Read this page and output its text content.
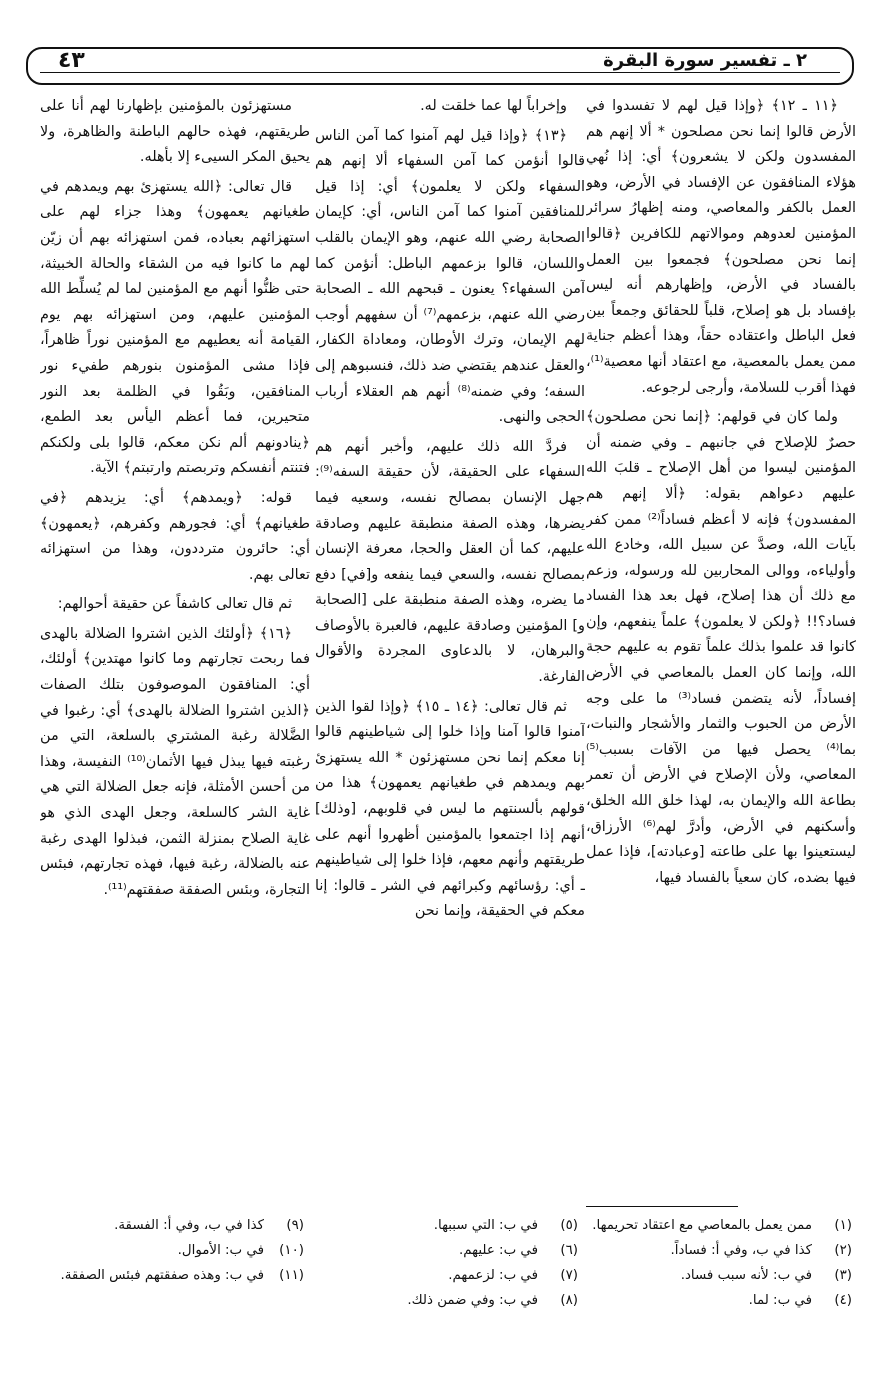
٢ ـ تفسير سورة البقرة
٤٣

﴿١١ ـ ١٢﴾ ﴿وإذا قيل لهم لا تفسدوا في الأرض قالوا إنما نحن مصلحون * ألا إنهم هم المفسدون ولكن لا يشعرون﴾ أي: إذا نُهي هؤلاء المنافقون عن الإفساد في الأرض، وهو العمل بالكفر والمعاصي، ومنه إظهارُ سرائر المؤمنين لعدوهم وموالاتهم للكافرين ﴿قالوا إنما نحن مصلحون﴾ فجمعوا بين العمل بالفساد في الأرض، وإظهارهم أنه ليس بإفساد بل هو إصلاح، قلباً للحقائق وجمعاً بين فعل الباطل واعتقاده حقاً، وهذا أعظم جناية ممن يعمل بالمعصية، مع اعتقاد أنها معصية⁽¹⁾، فهذا أقرب للسلامة، وأرجى لرجوعه.

ولما كان في قولهم: ﴿إنما نحن مصلحون﴾ حصرٌ للإصلاح في جانبهم ـ وفي ضمنه أن المؤمنين ليسوا من أهل الإصلاح ـ قلبَ الله عليهم دعواهم بقوله: ﴿ألا إنهم هم المفسدون﴾ فإنه لا أعظم فساداً⁽²⁾ ممن كفر بآيات الله، وصدَّ عن سبيل الله، وخادع الله وأولياءه، ووالى المحاربين لله ورسوله، وزعم مع ذلك أن هذا إصلاح، فهل بعد هذا الفساد فساد؟!! ﴿ولكن لا يعلمون﴾ علماً ينفعهم، وإن كانوا قد علموا بذلك علماً تقوم به عليهم حجة الله، وإنما كان العمل بالمعاصي في الأرض إفساداً، لأنه يتضمن فساد⁽³⁾ ما على وجه الأرض من الحبوب والثمار والأشجار والنبات، بما⁽⁴⁾ يحصل فيها من الآفات بسبب⁽⁵⁾ المعاصي، ولأن الإصلاح في الأرض أن تعمر بطاعة الله والإيمان به، لهذا خلق الله الخلق، وأسكنهم في الأرض، وأدرَّ لهم⁽⁶⁾ الأرزاق، ليستعينوا بها على طاعته [وعبادته]، فإذا عمل فيها بضده، كان سعياً بالفساد فيها،

وإخراباً لها عما خلقت له.

﴿١٣﴾ ﴿وإذا قيل لهم آمنوا كما آمن الناس قالوا أنؤمن كما آمن السفهاء ألا إنهم هم السفهاء ولكن لا يعلمون﴾ أي: إذا قيل للمنافقين آمنوا كما آمن الناس، أي: كإيمان الصحابة رضي الله عنهم، وهو الإيمان بالقلب واللسان، قالوا بزعمهم الباطل: أنؤمن كما آمن السفهاء؟ يعنون ـ قبحهم الله ـ الصحابة رضي الله عنهم، بزعمهم⁽⁷⁾ أن سفههم أوجب لهم الإيمان، وترك الأوطان، ومعاداة الكفار، والعقل عندهم يقتضي ضد ذلك، فنسبوهم إلى السفه؛ وفي ضمنه⁽⁸⁾ أنهم هم العقلاء أرباب الحجى والنهى.

فردَّ الله ذلك عليهم، وأخبر أنهم هم السفهاء على الحقيقة، لأن حقيقة السفه⁽⁹⁾: جهل الإنسان بمصالح نفسه، وسعيه فيما يضرها، وهذه الصفة منطبقة عليهم وصادقة عليهم، كما أن العقل والحجا، معرفة الإنسان بمصالح نفسه، والسعي فيما ينفعه و[في] دفع ما يضره، وهذه الصفة منطبقة على [الصحابة و] المؤمنين وصادقة عليهم، فالعبرة بالأوصاف والبرهان، لا بالدعاوى المجردة والأقوال الفارغة.

ثم قال تعالى: ﴿١٤ ـ ١٥﴾ ﴿وإذا لقوا الذين آمنوا قالوا آمنا وإذا خلوا إلى شياطينهم قالوا إنا معكم إنما نحن مستهزئون * الله يستهزئ بهم ويمدهم في طغيانهم يعمهون﴾ هذا من قولهم بألسنتهم ما ليس في قلوبهم، [وذلك] أنهم إذا اجتمعوا بالمؤمنين أظهروا أنهم على طريقتهم وأنهم معهم، فإذا خلوا إلى شياطينهم ـ أي: رؤسائهم وكبرائهم في الشر ـ قالوا: إنا معكم في الحقيقة، وإنما نحن

مستهزئون بالمؤمنين بإظهارنا لهم أنا على طريقتهم، فهذه حالهم الباطنة والظاهرة، ولا يحيق المكر السيىء إلا بأهله.

قال تعالى: ﴿الله يستهزئ بهم ويمدهم في طغيانهم يعمهون﴾ وهذا جزاء لهم على استهزائهم بعباده، فمن استهزائه بهم أن زيّن لهم ما كانوا فيه من الشقاء والحالة الخبيثة، حتى ظنُّوا أنهم مع المؤمنين لما لم يُسلِّط الله المؤمنين عليهم، ومن استهزائه بهم يوم القيامة أنه يعطيهم مع المؤمنين نوراً ظاهراً، فإذا مشى المؤمنون بنورهم طفيء نور المنافقين، وبَقُوا في الظلمة بعد النور متحيرين، فما أعظم اليأس بعد الطمع، ﴿ينادونهم ألم نكن معكم، قالوا بلى ولكنكم فتنتم أنفسكم وتربصتم وارتبتم﴾ الآية.

قوله: ﴿ويمدهم﴾ أي: يزيدهم ﴿في طغيانهم﴾ أي: فجورهم وكفرهم، ﴿يعمهون﴾ أي: حائرون مترددون، وهذا من استهزائه تعالى بهم.

ثم قال تعالى كاشفاً عن حقيقة أحوالهم:

﴿١٦﴾ ﴿أولئك الذين اشتروا الضلالة بالهدى فما ربحت تجارتهم وما كانوا مهتدين﴾ أولئك، أي: المنافقون الموصوفون بتلك الصفات ﴿الذين اشتروا الضلالة بالهدى﴾ أي: رغبوا في الضَّلالة رغبة المشتري بالسلعة، التي من رغبته فيها يبذل فيها الأثمان⁽¹⁰⁾ النفيسة، وهذا من أحسن الأمثلة، فإنه جعل الضلالة التي هي غاية الشر كالسلعة، وجعل الهدى الذي هو غاية الصلاح بمنزلة الثمن، فبذلوا الهدى رغبة عنه بالضلالة، رغبة فيها، فهذه تجارتهم، فبئس التجارة، وبئس الصفقة صفقتهم⁽¹¹⁾.

(١)
ممن يعمل بالمعاصي مع اعتقاد تحريمها.
(٢)
كذا في ب، وفي أ: فساداً.
(٣)
في ب: لأنه سبب فساد.
(٤)
في ب: لما.
(٥)
في ب: التي سببها.
(٦)
في ب: عليهم.
(٧)
في ب: لزعمهم.
(٨)
في ب: وفي ضمن ذلك.
(٩)
كذا في ب، وفي أ: الفسقة.
(١٠)
في ب: الأموال.
(١١)
في ب: وهذه صفقتهم فبئس الصفقة.
